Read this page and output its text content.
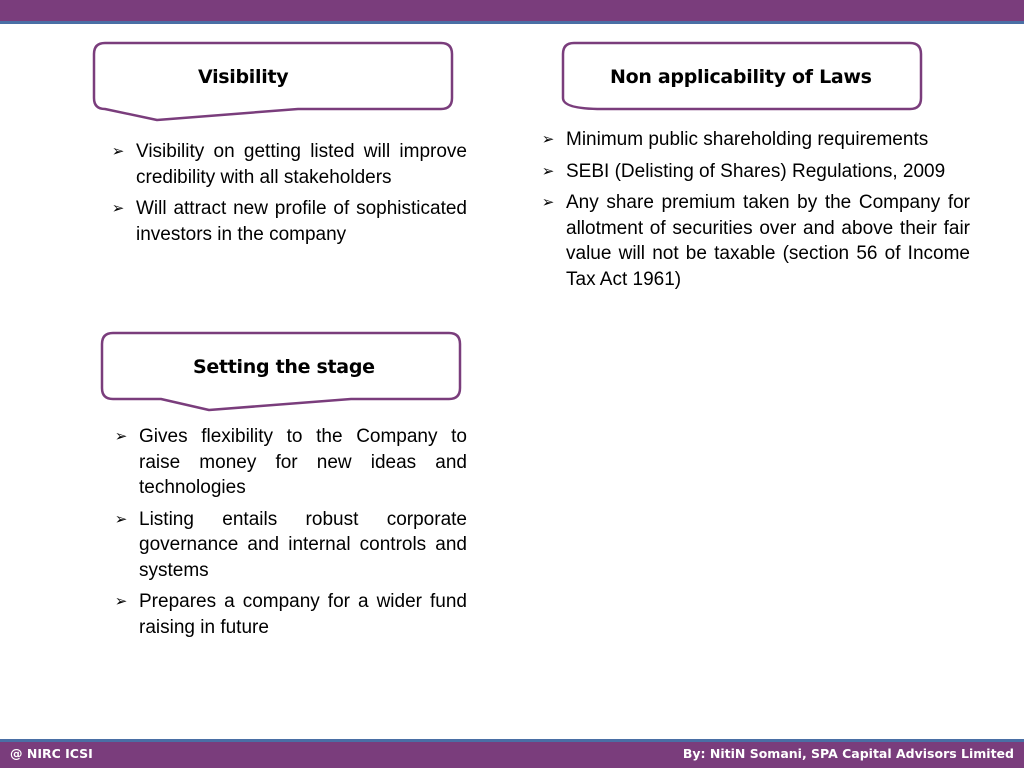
Visibility
➢ Visibility on getting listed will improve credibility with all stakeholders
➢ Will attract new profile of sophisticated investors in the company
Non applicability of Laws
➢ Minimum public shareholding requirements
➢ SEBI (Delisting of Shares) Regulations, 2009
➢ Any share premium taken by the Company for allotment of securities over and above their fair value will not be taxable (section 56 of Income Tax Act 1961)
Setting the stage
➢ Gives flexibility to the Company to raise money for new ideas and technologies
➢ Listing entails robust corporate governance and internal controls and systems
➢ Prepares a company for a wider fund raising in future
@ NIRC ICSI	By: NitiN Somani, SPA Capital Advisors Limited
